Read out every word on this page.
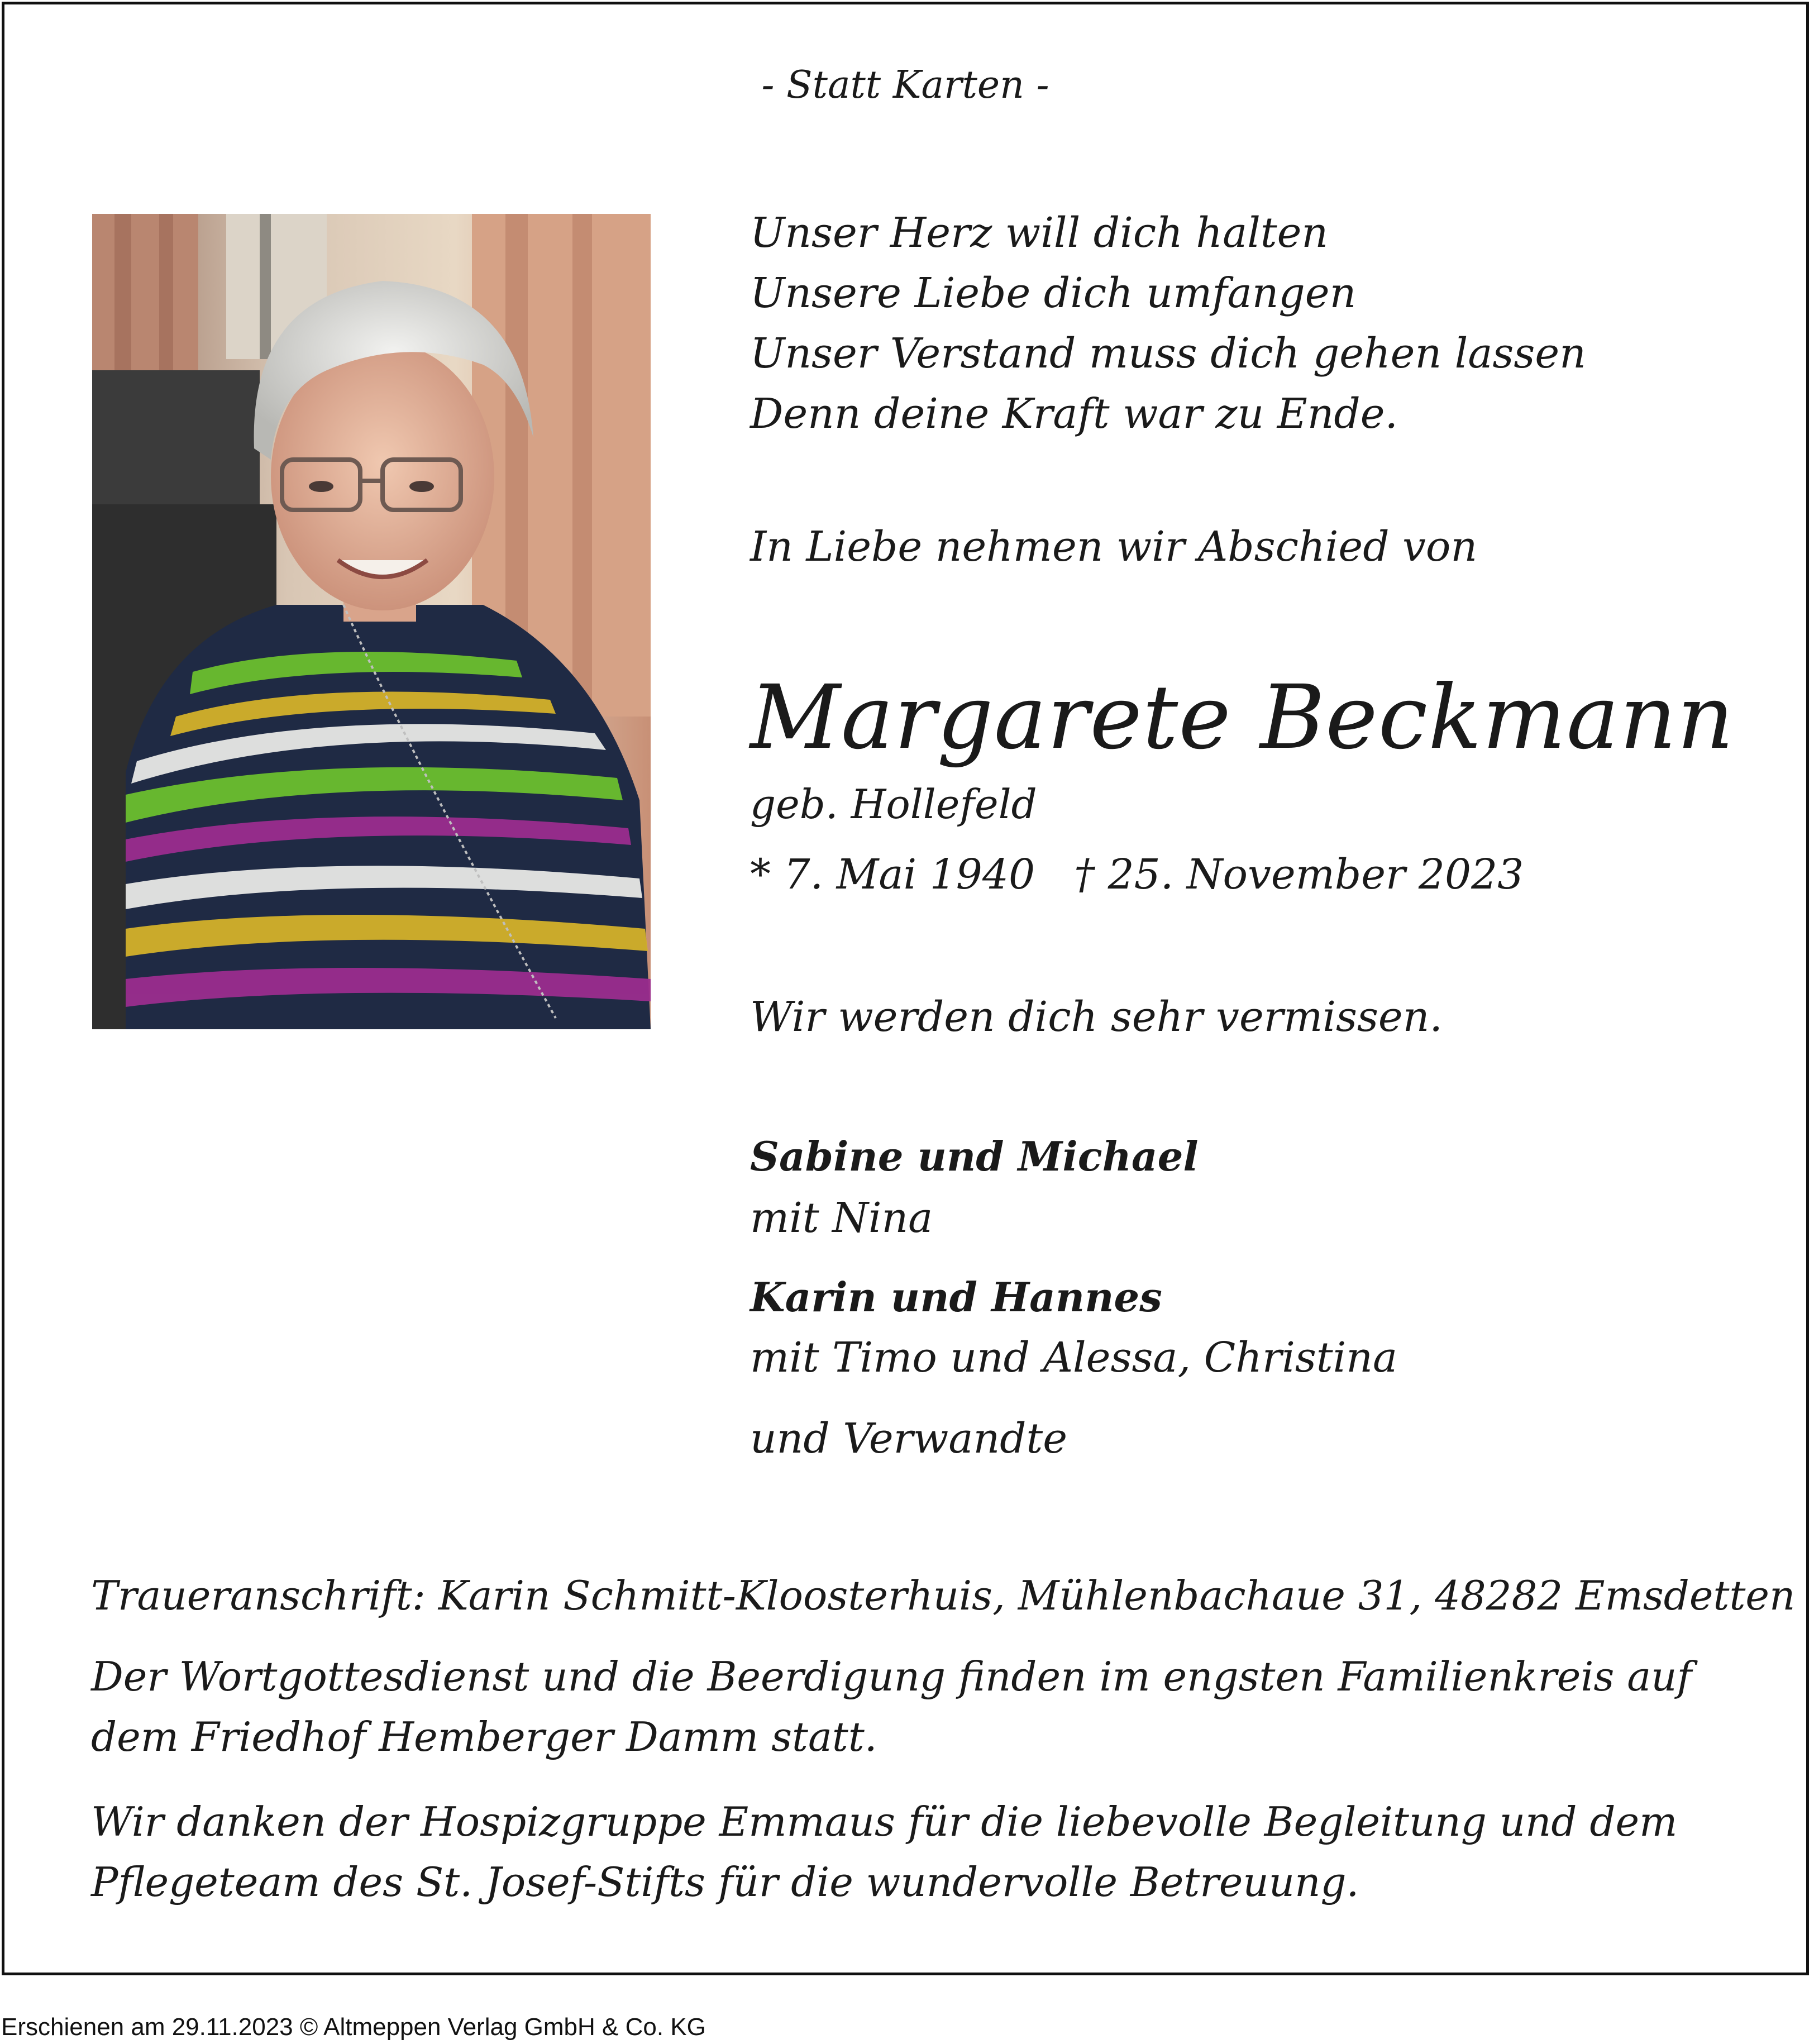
- Statt Karten -
Unser Herz will dich halten
Unsere Liebe dich umfangen
Unser Verstand muss dich gehen lassen
Denn deine Kraft war zu Ende.
In Liebe nehmen wir Abschied von
Margarete Beckmann
geb. Hollefeld
* 7. Mai 1940 † 25. November 2023
Wir werden dich sehr vermissen.
Sabine und Michael
mit Nina
Karin und Hannes
mit Timo und Alessa, Christina
und Verwandte
Traueranschrift: Karin Schmitt-Kloosterhuis, Mühlenbachaue 31, 48282 Emsdetten
Der Wortgottesdienst und die Beerdigung finden im engsten Familienkreis auf
dem Friedhof Hemberger Damm statt.
Wir danken der Hospizgruppe Emmaus für die liebevolle Begleitung und dem
Pflegeteam des St. Josef-Stifts für die wundervolle Betreuung.
Erschienen am 29.11.2023 © Altmeppen Verlag GmbH & Co. KG
